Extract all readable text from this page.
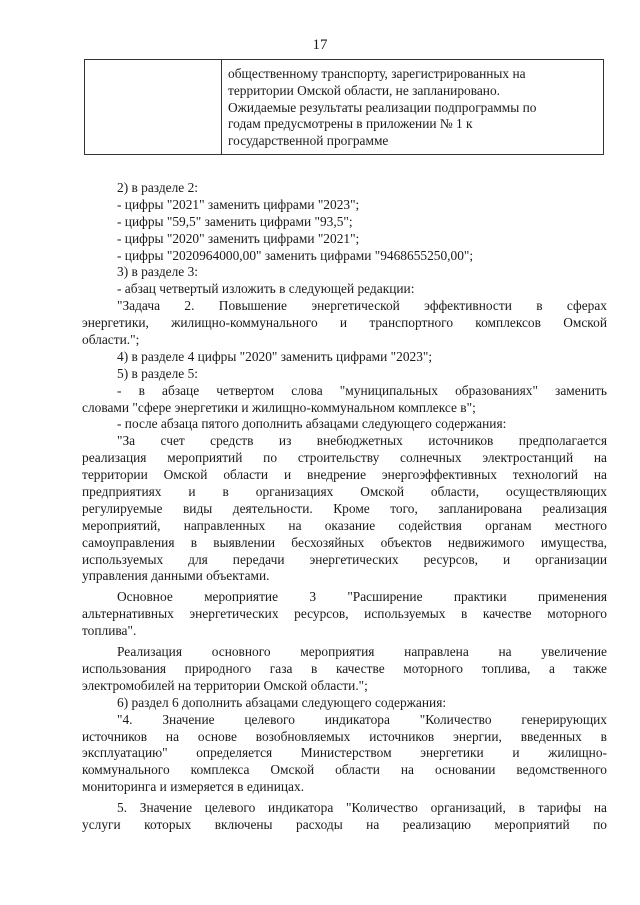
17

общественному транспорту, зарегистрированных на
территории Омской области, не запланировано.
Ожидаемые результаты реализации подпрограммы по
годам предусмотрены в приложении № 1 к
государственной программе
2) в разделе 2:
- цифры "2021" заменить цифрами "2023";
- цифры "59,5" заменить цифрами "93,5";
- цифры "2020" заменить цифрами "2021";
- цифры "2020964000,00" заменить цифрами "9468655250,00";
3) в разделе 3:
- абзац четвертый изложить в следующей редакции:
"Задача 2. Повышение энергетической эффективности в сферах
энергетики, жилищно-коммунального и транспортного комплексов Омской
области.";
4) в разделе 4 цифры "2020" заменить цифрами "2023";
5) в разделе 5:
- в абзаце четвертом слова "муниципальных образованиях" заменить
словами "сфере энергетики и жилищно-коммунальном комплексе в";
- после абзаца пятого дополнить абзацами следующего содержания:
"За счет средств из внебюджетных источников предполагается
реализация мероприятий по строительству солнечных электростанций на
территории Омской области и внедрение энергоэффективных технологий на
предприятиях и в организациях Омской области, осуществляющих
регулируемые виды деятельности. Кроме того, запланирована реализация
мероприятий, направленных на оказание содействия органам местного
самоуправления в выявлении бесхозяйных объектов недвижимого имущества,
используемых для передачи энергетических ресурсов, и организации
управления данными объектами.
Основное мероприятие 3 "Расширение практики применения
альтернативных энергетических ресурсов, используемых в качестве моторного
топлива".
Реализация основного мероприятия направлена на увеличение
использования природного газа в качестве моторного топлива, а также
электромобилей на территории Омской области.";
6) раздел 6 дополнить абзацами следующего содержания:
"4. Значение целевого индикатора "Количество генерирующих
источников на основе возобновляемых источников энергии, введенных в
эксплуатацию" определяется Министерством энергетики и жилищно-
коммунального комплекса Омской области на основании ведомственного
мониторинга и измеряется в единицах.
5. Значение целевого индикатора "Количество организаций, в тарифы на
услуги которых включены расходы на реализацию мероприятий по
